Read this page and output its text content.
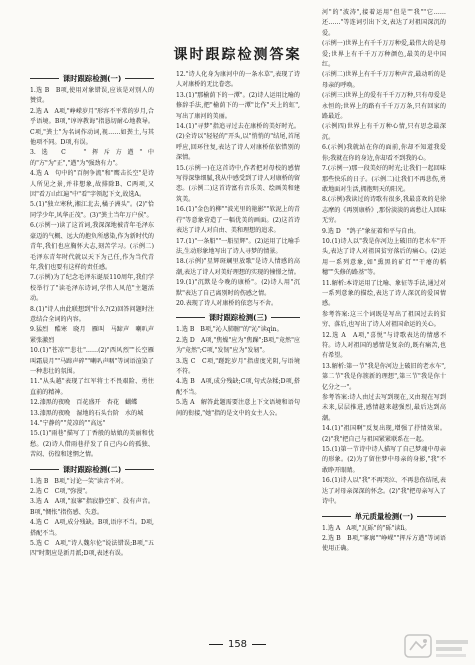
课时跟踪检测答案
课时跟踪检测(一)

1.选 B　B项,使用对象错误,应该是对别人的赞赏。

2.选 A　A项,"峥嵘岁月"形容不平常的岁月,合乎语境。B项,"谆谆教诲"指恳切耐心地教导。C项,"粪土"为名词作动词,视……如粪土,与其他项不同。D项,有误。

3.选 C　"挥斥方遒"中的"方"为"正","遒"为"强劲有力"。

4.选 A　句中的"百舸争流"和"鹰击长空"是诗人所见之景,并非想象,故排除B、C两项,又因"看万山红遍"中"看"字领起下文,故选A。

5.(1)"独立寒秋,湘江北去,橘子洲头"。(2)"恰同学少年,风华正茂"。(3)"粪土当年万户侯"。

6.(示例一)读了这首词,我深深地被青年毛泽东豪迈的气概、远大的抱负所感染,作为新时代的青年,我们也应胸怀大志,刻苦学习。(示例二)毛泽东青年时代就以天下为己任,作为当代青年,我们也要有这样的责任感。

7.(示例)为了纪念毛泽东诞辰110周年,我们学校举行了"读毛泽东诗词,学伟人风范"主题活动。

8.(1)"诗人由此联想到"什么?(2)回答问题时注意结合全词的内容。

9.猛烈　酷寒　晓月　雁叫　马蹄声　喇叭声　紧张激烈

10.(1)"苍凉""悲壮"……(2)"西风烈""长空雁叫霜晨月""马蹄声碎""喇叭声咽"等词语渲染了一种悲壮的氛围。

11."从头越"表现了红军将士不畏艰险、勇往直前的精神。

12.漆黑的夜晚　百花盛开　杏花　蝴蝶

13.漆黑的夜晚　湿地的石头台阶　水的城

14."宁静的""荒凉的""高远"

15.(1)"雨巷"描写了丁香般的姑娘的美丽和忧愁。(2)诗人借雨巷抒发了自己内心的孤独、苦闷、彷徨和迷惘之情。

课时跟踪检测(二)

1.选 B　B项,"讨论一笑"读音不对。

2.选 C　C项,"弥漫"。

3.选 A　A项,"寂寥"指寂静空旷、没有声音。B项,"惆怅"指伤感、失意。

4.选 C　A项,成分残缺。B项,语序不当。D项,搭配不当。

5.选 C　A项,"诗人魏尔伦"说法错误;B项,"五四"时期应是新月派;D项,表述有误。

12."诗人化身为康河中的一条水草",表现了诗人对康桥的无比眷恋。

13.(1)"那榆荫下的一潭"。(2)诗人运用比喻的修辞手法,把"榆荫下的一潭"比作"天上的虹",写出了康河的美丽。

14.(1)"寻梦"指追寻过去在康桥的美好时光。(2)全诗以"轻轻的"开头,以"悄悄的"结尾,首尾呼应,回环往复,表达了诗人对康桥依依惜别的深情。

15.(示例一)在这首诗中,作者把对母校的感情写得深挚细腻,我从中感受到了诗人对康桥的留恋。(示例二)这首诗富有音乐美、绘画美和建筑美。

16.(1)"金色的柳""波光里的艳影""软泥上的青荇"等意象营造了一幅优美的画面。(2)这首诗表达了诗人对自由、美和理想的追求。

17.(1)"一条船""一船星辉"。(2)运用了比喻手法,生动形象地写出了诗人寻梦的情景。

18.(示例)"星辉斑斓里放歌"是诗人情感的高潮,表达了诗人对美好理想的实现的憧憬之情。

19.(1)"沉默是今晚的康桥"。(2)诗人用"沉默"表达了自己离别时的伤感之情。

20.表现了诗人对康桥的依恋与不舍。

课时跟踪检测(三)

1.选 B　B项,"沁人肺腑"的"沁"读qìn。

2.选 D　A项,"焦燥"应为"焦躁";B项,"竟然"应为"竟然";C项,"发韧"应为"发轫"。

3.选 C　C项,"蹉跎岁月"指虚度光阴,与语境不符。

4.选 B　A项,成分残缺;C项,句式杂糅;D项,搭配不当。

5.选 A　解答此题需要注意上下文语境和语句间的衔接,"她"指的是文中的女主人公。

河"的"波涛",接着运用"但是""我""它……还……"等连词引出下文,表达了对祖国深沉的爱。

(示例一)世界上有千千万万种爱,最伟大的是母爱;世界上有千千万万种颜色,最美的是中国红。

(示例二)世界上有千千万万种声音,最动听的是母亲的呼唤。

(示例三)世界上的爱有千千万万种,只有母爱是永恒的;世界上的路有千千万万条,只有回家的路最近。

(示例四)世界上有千万种心情,只有思念最深沉。

6.(示例)我就站在你的面前,你却不知道我爱你;我就在你的身边,你却看不到我的心。

7.(示例一)那一段美好的时光;让我们一起回味那些快乐的日子。(示例二)让我们不再悲伤,勇敢地面对生活,拥抱明天的阳光。

8.(示例)我读过的诗歌有很多,我最喜欢的是徐志摩的《再别康桥》,那份淡淡的离愁让人回味无穷。

9.选 D　"鸽子"象征着和平与自由。

10.(1)诗人以"我是你河边上破旧的老水车"开头,表达了诗人对祖国贫穷落后的痛心。(2)运用一系列意象,如"熏黑的矿灯""干瘪的稻穗""失修的路基"等。

11.解析:本诗运用了比喻、象征等手法,通过对一系列意象的描绘,表达了诗人深沉的爱国情感。

参考答案:这三个词既是写出了祖国过去的贫穷、落后,也写出了诗人对祖国命运的关心。

12.选 A　A项,"喜悦"与诗歌表达的情感不符。诗人对祖国的感情是复杂的,既有痛苦,也有希望。

13.解析:第一节"我是你河边上破旧的老水车",第二节"我是你簇新的理想",第三节"我是你十亿分之一"。

参考答案:诗人由过去写到现在,又由现在写到未来,层层推进,感情越来越强烈,最后达到高潮。

14.(1)"祖国啊"反复出现,增强了抒情效果。(2)"我"把自己与祖国紧紧联系在一起。

15.(1)第一节诗中诗人描写了自己梦魂中母亲的形象。(2)为了留住梦中母亲的身影,"我"不敢睁开眼睛。

16.(1)诗人以"我"不再哭泣、不再悲伤结尾,表达了对母亲深深的怀念。(2)"我"把母亲写入了诗中。

单元质量检测(一)

1.选 A　A项,"瓦砾"的"砾"读lì。

2.选 B　B项,"寥廓""峥嵘""挥斥方遒"等词语使用正确。

158
